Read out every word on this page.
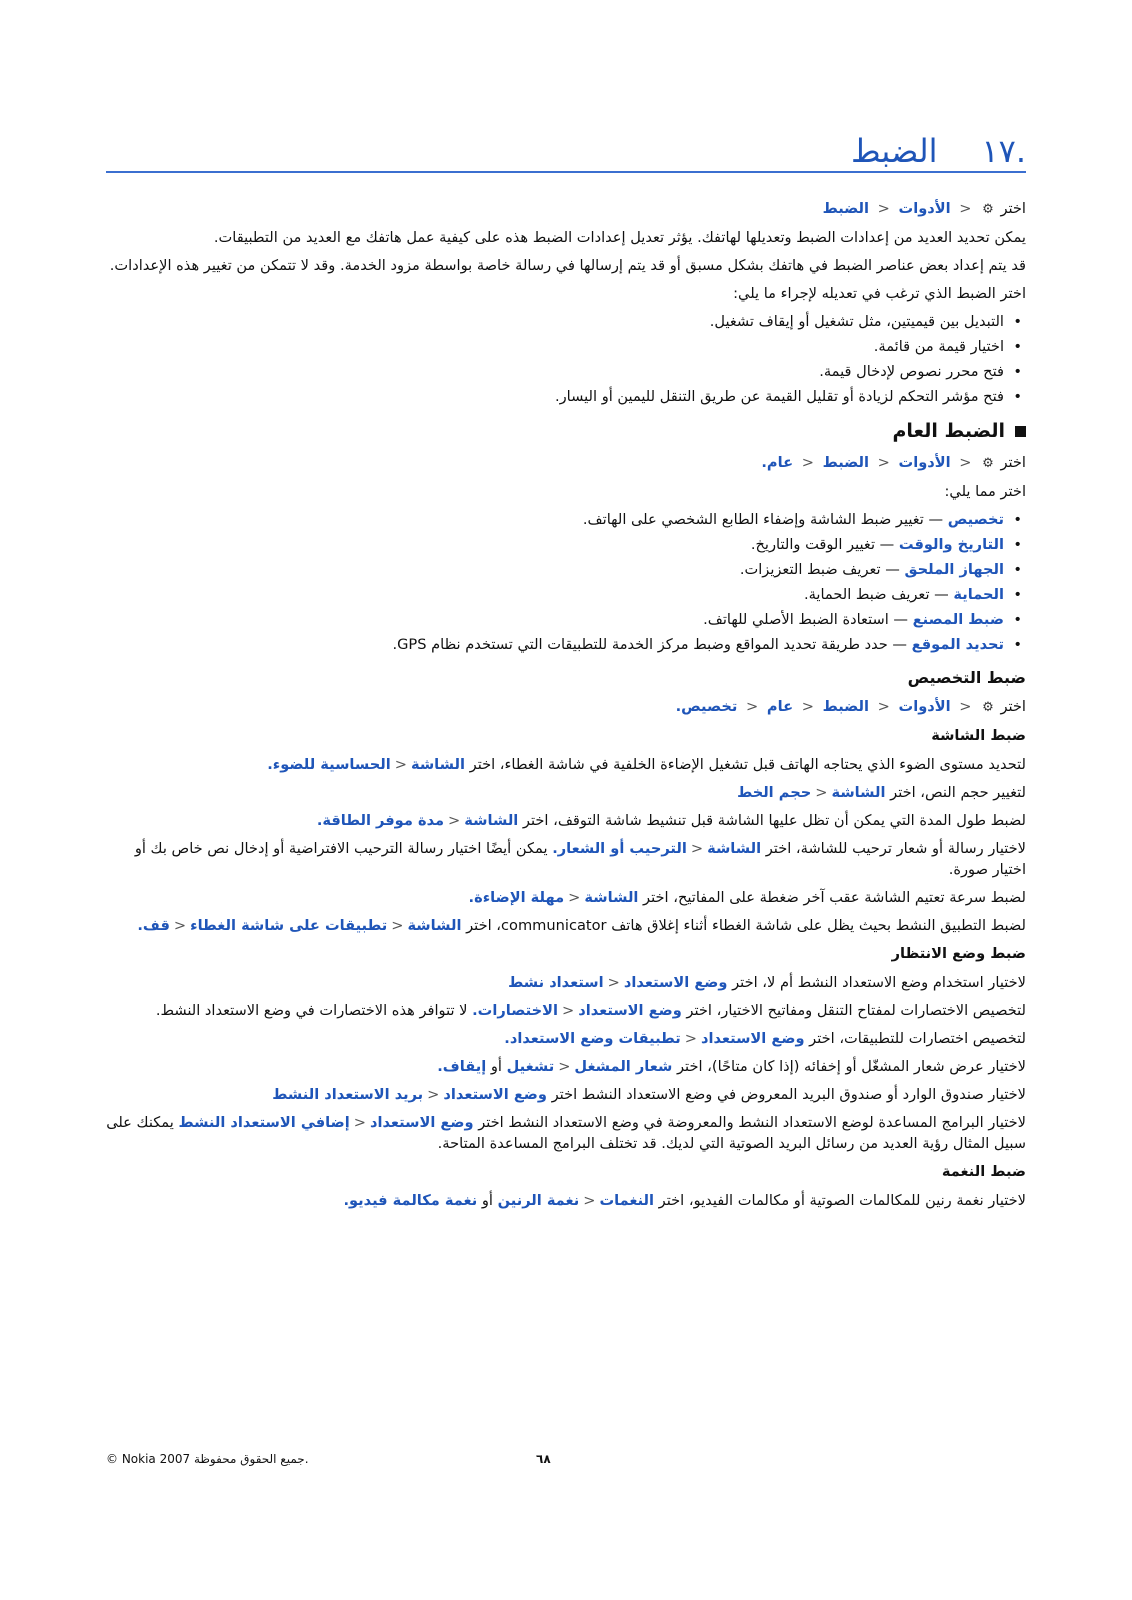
.١٧
الضبط

اختر ⚙ < الأدوات < الضبط

يمكن تحديد العديد من إعدادات الضبط وتعديلها لهاتفك. يؤثر تعديل إعدادات الضبط هذه على كيفية عمل هاتفك مع العديد من التطبيقات.

قد يتم إعداد بعض عناصر الضبط في هاتفك بشكل مسبق أو قد يتم إرسالها في رسالة خاصة بواسطة مزود الخدمة. وقد لا تتمكن من تغيير هذه الإعدادات.

اختر الضبط الذي ترغب في تعديله لإجراء ما يلي:

• التبديل بين قيميتين، مثل تشغيل أو إيقاف تشغيل.
• اختيار قيمة من قائمة.
• فتح محرر نصوص لإدخال قيمة.
• فتح مؤشر التحكم لزيادة أو تقليل القيمة عن طريق التنقل لليمين أو اليسار.
الضبط العام

اختر ⚙ < الأدوات < الضبط < عام.

اختر مما يلي:

• تخصيص — تغيير ضبط الشاشة وإضفاء الطابع الشخصي على الهاتف.
• التاريخ والوقت — تغيير الوقت والتاريخ.
• الجهاز الملحق — تعريف ضبط التعزيزات.
• الحماية — تعريف ضبط الحماية.
• ضبط المصنع — استعادة الضبط الأصلي للهاتف.
• تحديد الموقع — حدد طريقة تحديد المواقع وضبط مركز الخدمة للتطبيقات التي تستخدم نظام GPS.
ضبط التخصيص

اختر ⚙ < الأدوات < الضبط < عام < تخصيص.

ضبط الشاشة

لتحديد مستوى الضوء الذي يحتاجه الهاتف قبل تشغيل الإضاءة الخلفية في شاشة الغطاء، اختر الشاشة<الحساسية للضوء.

لتغيير حجم النص، اختر الشاشة<حجم الخط

لضبط طول المدة التي يمكن أن تظل عليها الشاشة قبل تنشيط شاشة التوقف، اختر الشاشة<مدة موفر الطاقة.

لاختيار رسالة أو شعار ترحيب للشاشة، اختر الشاشة<الترحيب أو الشعار. يمكن أيضًا اختيار رسالة الترحيب الافتراضية أو إدخال نص خاص بك أو اختيار صورة.

لضبط سرعة تعتيم الشاشة عقب آخر ضغطة على المفاتيح، اختر الشاشة<مهلة الإضاءة.

لضبط التطبيق النشط بحيث يظل على شاشة الغطاء أثناء إغلاق هاتف communicator، اختر الشاشة<تطبيقات على شاشة الغطاء<قف.

ضبط وضع الانتظار

لاختيار استخدام وضع الاستعداد النشط أم لا، اختر وضع الاستعداد<استعداد نشط

لتخصيص الاختصارات لمفتاح التنقل ومفاتيح الاختيار، اختر وضع الاستعداد<الاختصارات. لا تتوافر هذه الاختصارات في وضع الاستعداد النشط.

لتخصيص اختصارات للتطبيقات، اختر وضع الاستعداد<تطبيقات وضع الاستعداد.

لاختيار عرض شعار المشغّل أو إخفائه (إذا كان متاحًا)، اختر شعار المشغل<تشغيل أو إيقاف.

لاختيار صندوق الوارد أو صندوق البريد المعروض في وضع الاستعداد النشط اختر وضع الاستعداد<بريد الاستعداد النشط

لاختيار البرامج المساعدة لوضع الاستعداد النشط والمعروضة في وضع الاستعداد النشط اختر وضع الاستعداد<إضافي الاستعداد النشط يمكنك على سبيل المثال رؤية العديد من رسائل البريد الصوتية التي لديك. قد تختلف البرامج المساعدة المتاحة.

ضبط النغمة

لاختيار نغمة رنين للمكالمات الصوتية أو مكالمات الفيديو، اختر النغمات<نغمة الرنين أو نغمة مكالمة فيديو.

© Nokia 2007 جميع الحقوق محفوظة.	٦٨
